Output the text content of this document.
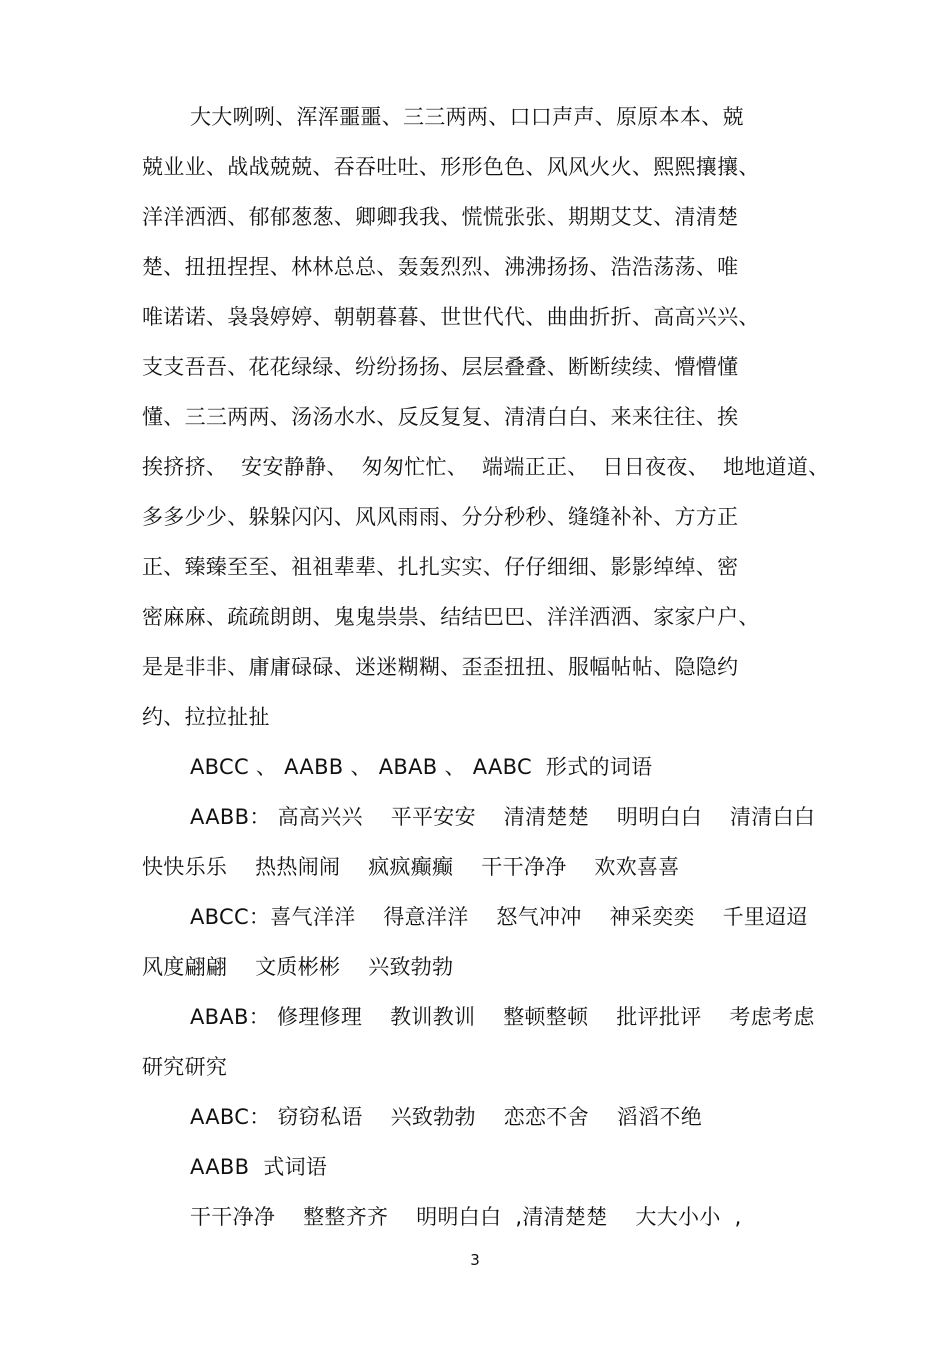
大大咧咧、浑浑噩噩、三三两两、口口声声、原原本本、兢
兢业业、战战兢兢、吞吞吐吐、形形色色、风风火火、熙熙攘攘、
洋洋洒洒、郁郁葱葱、卿卿我我、慌慌张张、期期艾艾、清清楚
楚、扭扭捏捏、林林总总、轰轰烈烈、沸沸扬扬、浩浩荡荡、唯
唯诺诺、袅袅婷婷、朝朝暮暮、世世代代、曲曲折折、高高兴兴、
支支吾吾、花花绿绿、纷纷扬扬、层层叠叠、断断续续、懵懵懂
懂、三三两两、汤汤水水、反反复复、清清白白、来来往往、挨
挨挤挤、  安安静静、  匆匆忙忙、  端端正正、  日日夜夜、  地地道道、
多多少少、躲躲闪闪、风风雨雨、分分秒秒、缝缝补补、方方正
正、臻臻至至、祖祖辈辈、扎扎实实、仔仔细细、影影绰绰、密
密麻麻、疏疏朗朗、鬼鬼祟祟、结结巴巴、洋洋洒洒、家家户户、
是是非非、庸庸碌碌、迷迷糊糊、歪歪扭扭、服幅帖帖、隐隐约
约、拉拉扯扯
ABCC 、 AABB 、 ABAB 、 AABC  形式的词语
AABB： 高高兴兴    平平安安    清清楚楚    明明白白    清清白白
快快乐乐    热热闹闹    疯疯癫癫    干干净净    欢欢喜喜
ABCC：喜气洋洋    得意洋洋    怒气冲冲    神采奕奕    千里迢迢
风度翩翩    文质彬彬    兴致勃勃
ABAB： 修理修理    教训教训    整顿整顿    批评批评    考虑考虑
研究研究
AABC： 窃窃私语    兴致勃勃    恋恋不舍    滔滔不绝
AABB  式词语
干干净净    整整齐齐    明明白白  ,清清楚楚    大大小小  ,
3
